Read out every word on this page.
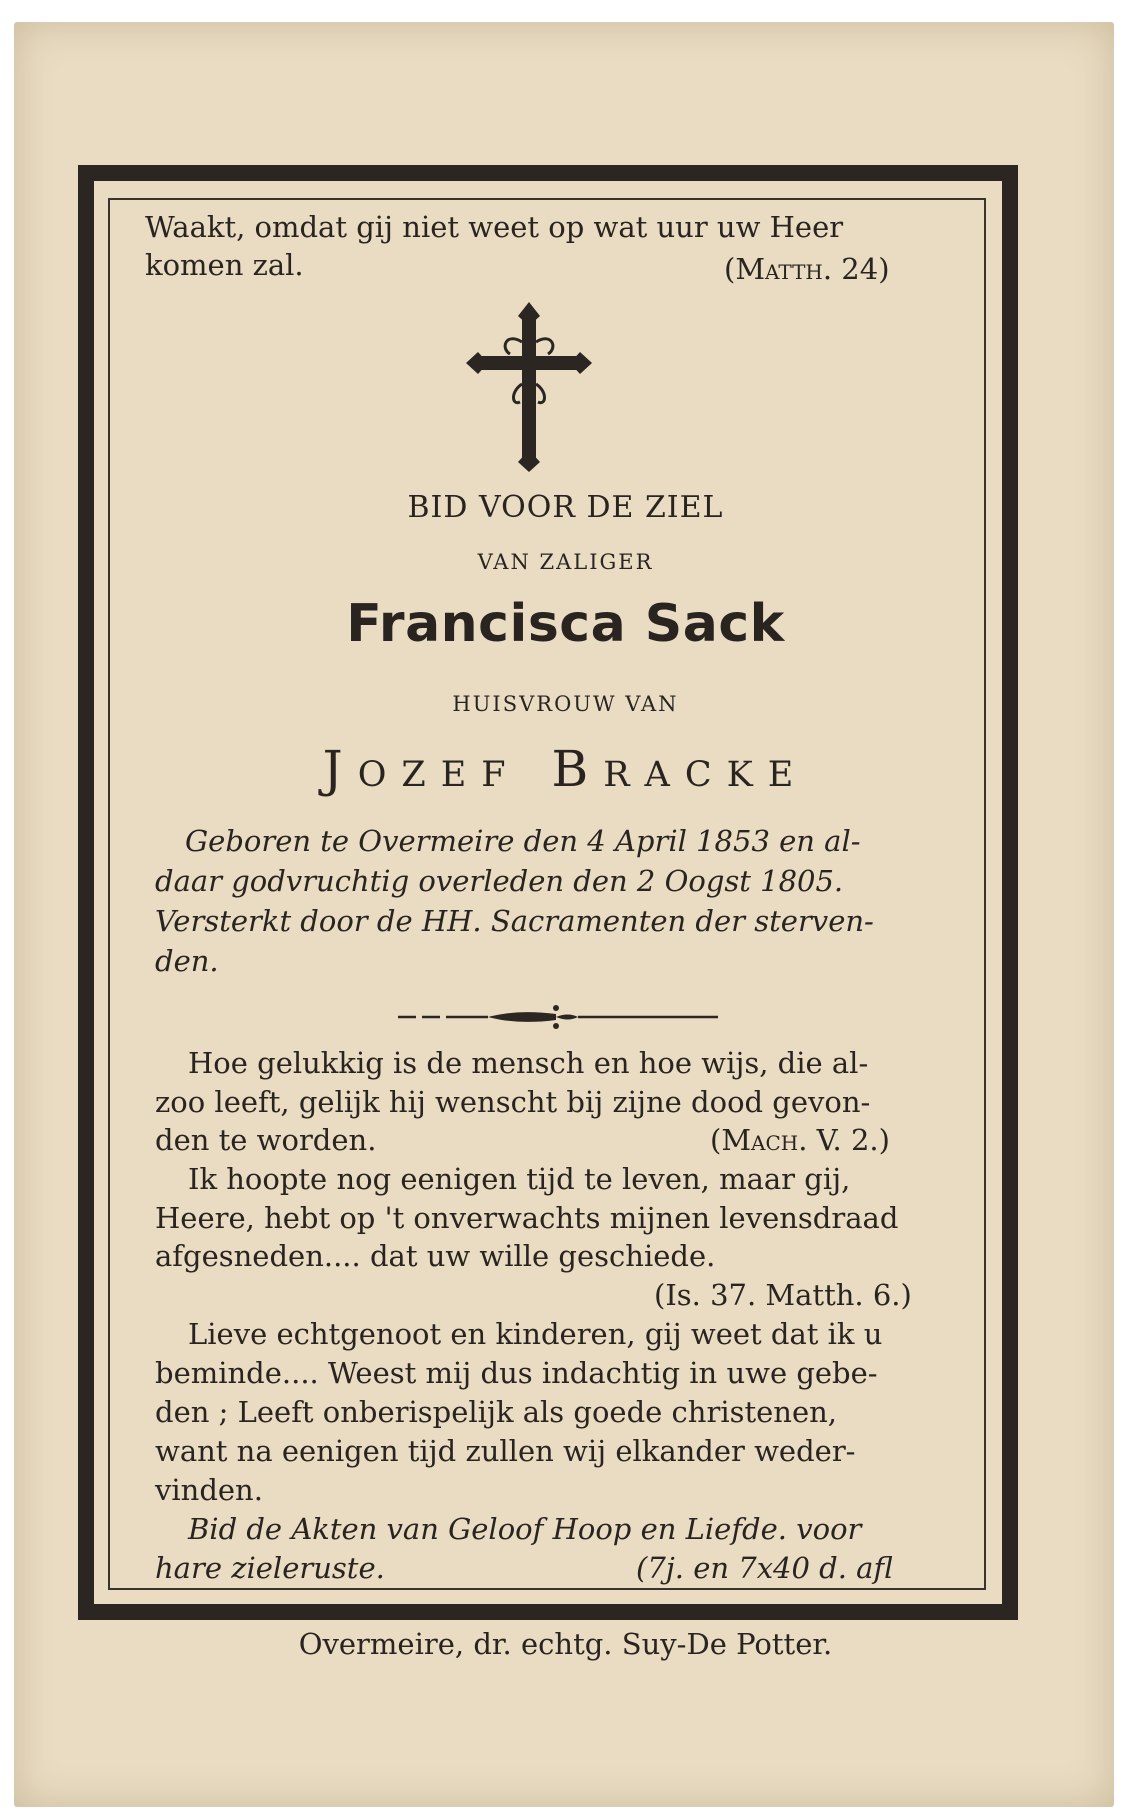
Waakt, omdat gij niet weet op wat uur uw Heer
komen zal.	(Matth. 24)
BID VOOR DE ZIEL
VAN ZALIGER
Francisca Sack
HUISVROUW VAN
Jozef Bracke
Geboren te Overmeire den 4 April 1853 en al-
daar godvruchtig overleden den 2 Oogst 1805.
Versterkt door de HH. Sacramenten der sterven-
den.
Hoe gelukkig is de mensch en hoe wijs, die al-
zoo leeft, gelijk hij wenscht bij zijne dood gevon-
den te worden.	(Mach. V. 2.)
Ik hoopte nog eenigen tijd te leven, maar gij,
Heere, hebt op 't onverwachts mijnen levensdraad
afgesneden.... dat uw wille geschiede.
(Is. 37. Matth. 6.)
Lieve echtgenoot en kinderen, gij weet dat ik u
beminde.... Weest mij dus indachtig in uwe gebe-
den ; Leeft onberispelijk als goede christenen,
want na eenigen tijd zullen wij elkander weder-
vinden.
Bid de Akten van Geloof Hoop en Liefde. voor
hare zieleruste.	(7j. en 7x40 d. afl
Overmeire, dr. echtg. Suy-De Potter.
